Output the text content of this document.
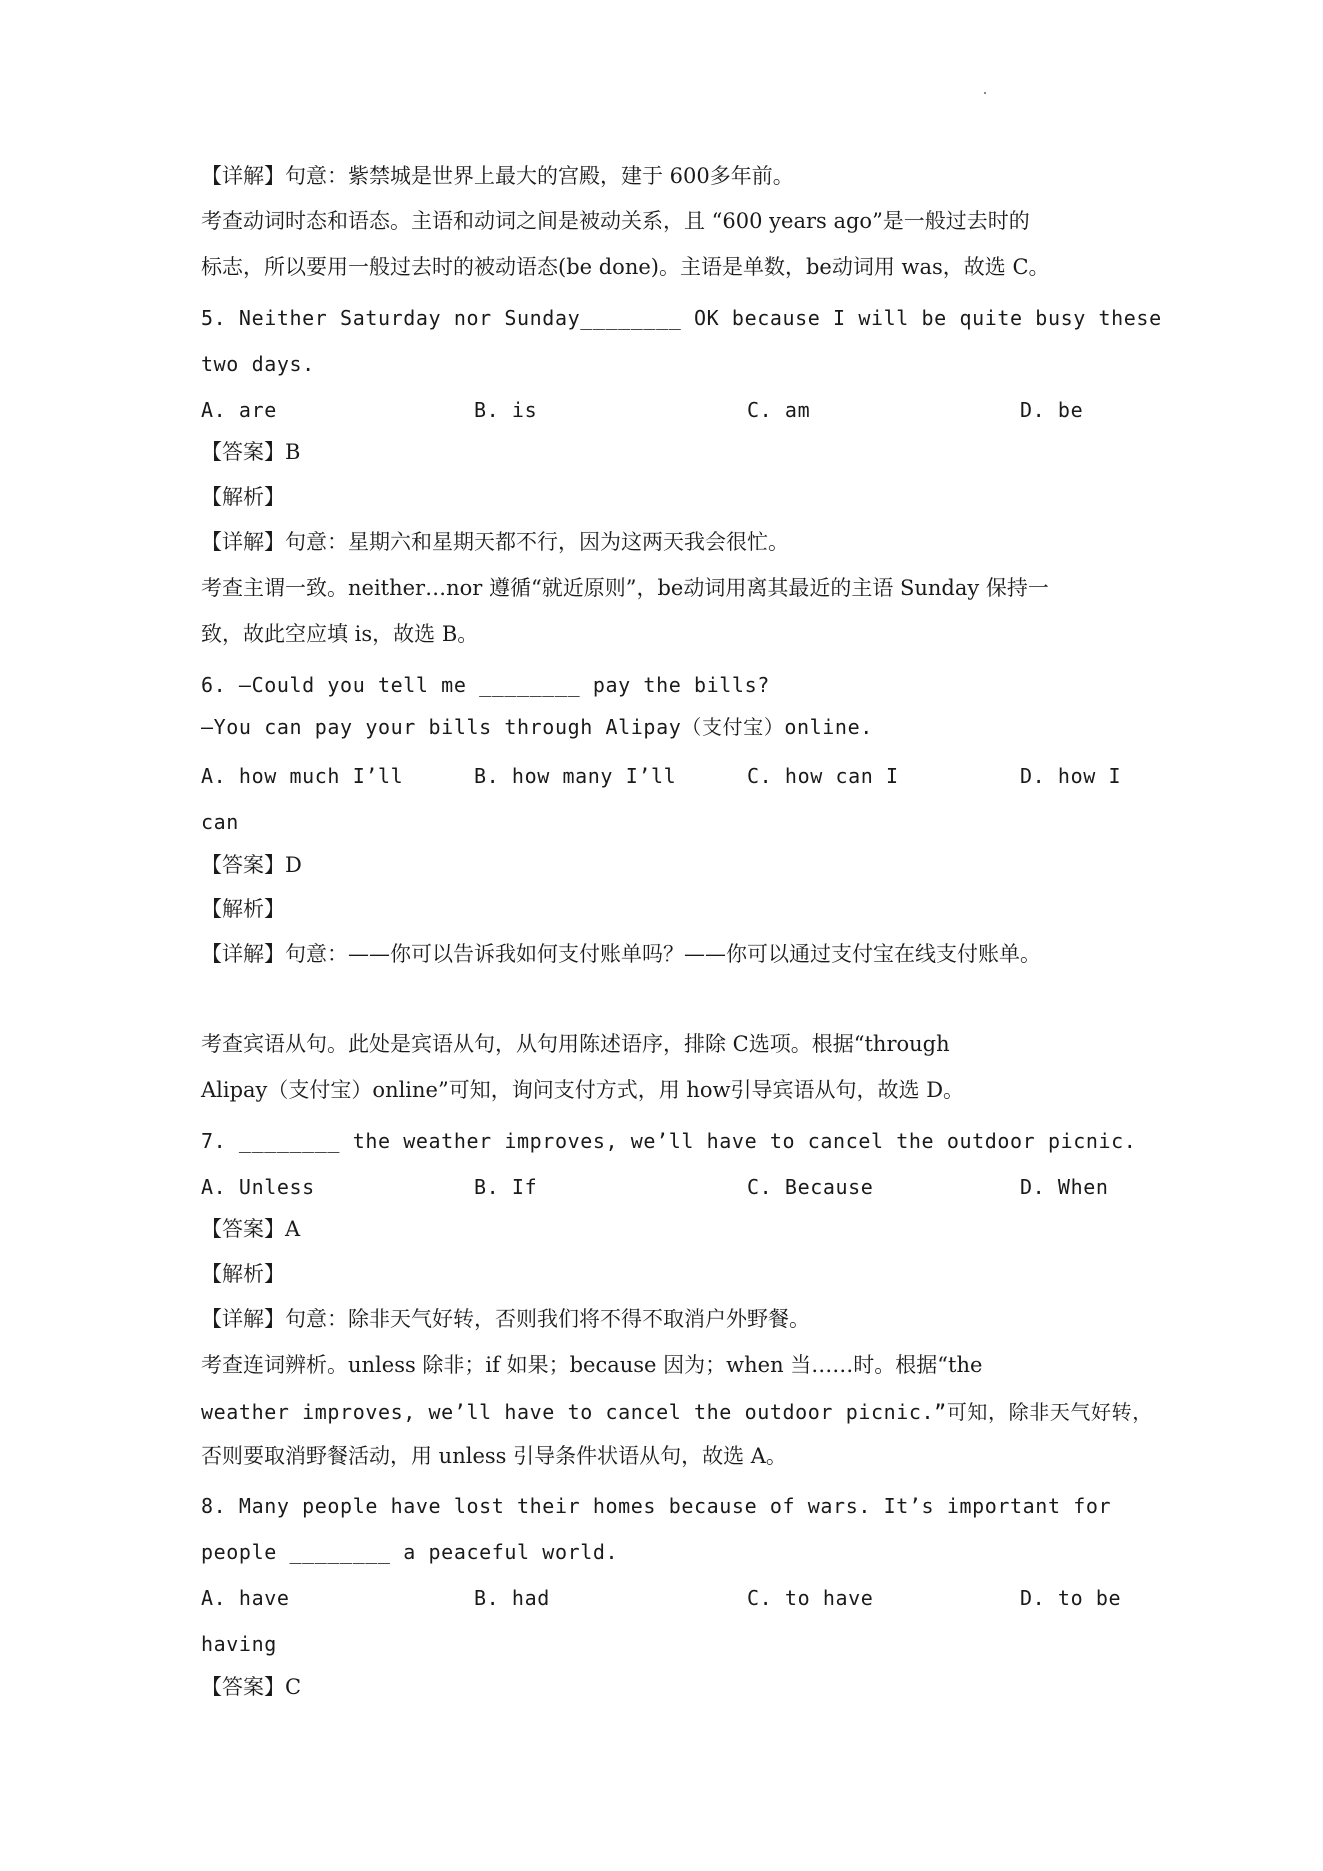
【详解】句意：紫禁城是世界上最大的宫殿，建于 600多年前。
考查动词时态和语态。主语和动词之间是被动关系，且 “600 years ago”是一般过去时的
标志，所以要用一般过去时的被动语态(be done)。主语是单数，be动词用 was，故选 C。
5. Neither Saturday nor Sunday________ OK because I will be quite busy these
two days.
A. are	B. is	C. am	D. be
【答案】B
【解析】
【详解】句意：星期六和星期天都不行，因为这两天我会很忙。
考查主谓一致。neither…nor 遵循“就近原则”，be动词用离其最近的主语 Sunday 保持一
致，故此空应填 is，故选 B。
6. —Could you tell me ________ pay the bills?
—You can pay your bills through Alipay（支付宝）online.
A. how much I’ll	B. how many I’ll	C. how can I	D. how I
can
【答案】D
【解析】
【详解】句意：——你可以告诉我如何支付账单吗？——你可以通过支付宝在线支付账单。
考查宾语从句。此处是宾语从句，从句用陈述语序，排除 C选项。根据“through
Alipay（支付宝）online”可知，询问支付方式，用 how引导宾语从句，故选 D。
7. ________ the weather improves, we’ll have to cancel the outdoor picnic.
A. Unless	B. If	C. Because	D. When
【答案】A
【解析】
【详解】句意：除非天气好转，否则我们将不得不取消户外野餐。
考查连词辨析。unless 除非；if 如果；because 因为；when 当……时。根据“the
weather improves, we’ll have to cancel the outdoor picnic.”可知，除非天气好转，
否则要取消野餐活动，用 unless 引导条件状语从句，故选 A。
8. Many people have lost their homes because of wars. It’s important for
people ________ a peaceful world.
A. have	B. had	C. to have	D. to be
having
【答案】C
